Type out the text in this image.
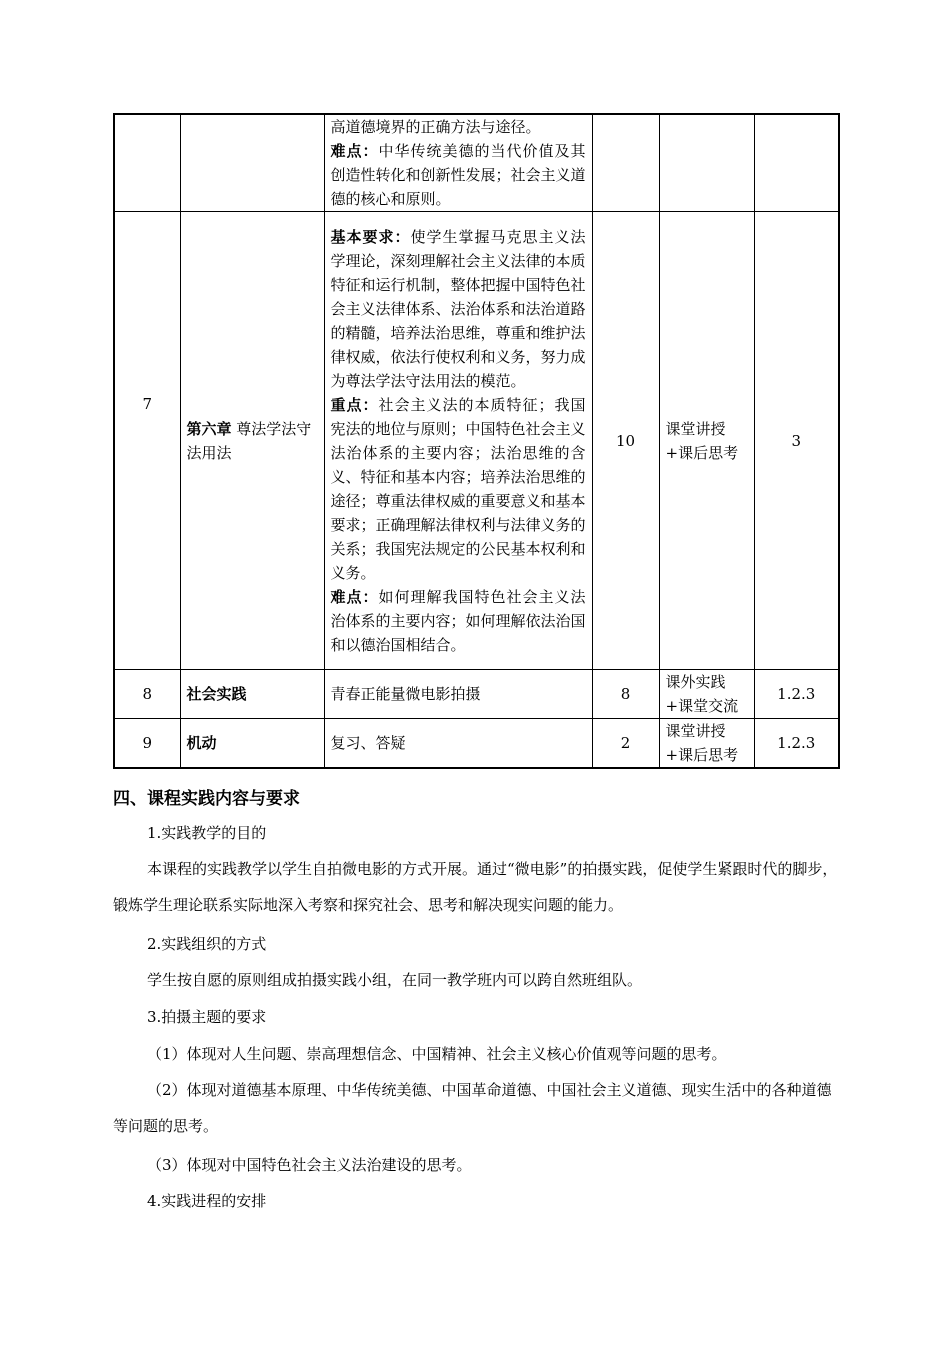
		高道德境界的正确方法与途径。
难点：中华传统美德的当代价值及其创造性转化和创新性发展；社会主义道德的核心和原则。			

7	第六章 尊法学法守法用法	基本要求：使学生掌握马克思主义法学理论，深刻理解社会主义法律的本质特征和运行机制，整体把握中国特色社会主义法律体系、法治体系和法治道路的精髓，培养法治思维，尊重和维护法律权威，依法行使权利和义务，努力成为尊法学法守法用法的模范。
重点：社会主义法的本质特征；我国宪法的地位与原则；中国特色社会主义法治体系的主要内容；法治思维的含义、特征和基本内容；培养法治思维的途径；尊重法律权威的重要意义和基本要求；正确理解法律权利与法律义务的关系；我国宪法规定的公民基本权利和义务。
难点：如何理解我国特色社会主义法治体系的主要内容；如何理解依法治国和以德治国相结合。	10	课堂讲授+课后思考	3
8	社会实践	青春正能量微电影拍摄	8	课外实践+课堂交流	1.2.3
9	机动	复习、答疑	2	课堂讲授+课后思考	1.2.3
四、课程实践内容与要求
1.实践教学的目的
本课程的实践教学以学生自拍微电影的方式开展。通过“微电影”的拍摄实践，促使学生紧跟时代的脚步，锻炼学生理论联系实际地深入考察和探究社会、思考和解决现实问题的能力。
2.实践组织的方式
学生按自愿的原则组成拍摄实践小组，在同一教学班内可以跨自然班组队。
3.拍摄主题的要求
（1）体现对人生问题、崇高理想信念、中国精神、社会主义核心价值观等问题的思考。
（2）体现对道德基本原理、中华传统美德、中国革命道德、中国社会主义道德、现实生活中的各种道德等问题的思考。
（3）体现对中国特色社会主义法治建设的思考。
4.实践进程的安排
